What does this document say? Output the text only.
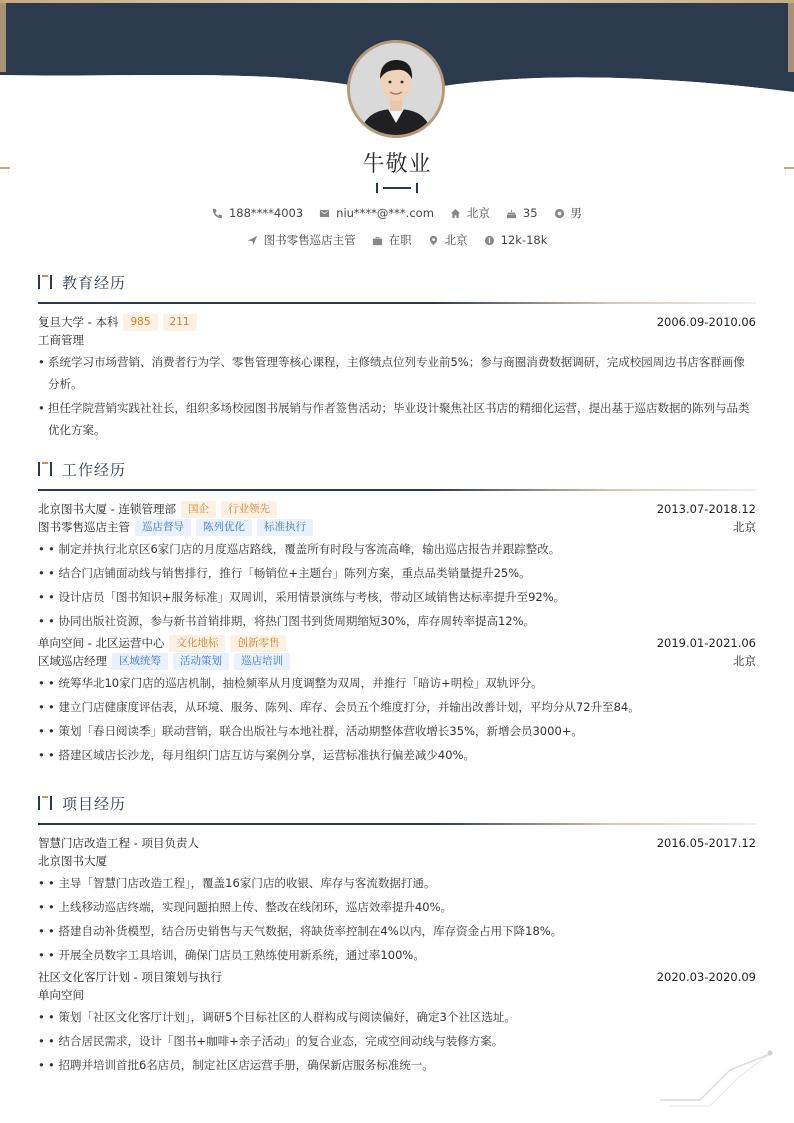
牛敬业
188****4003	niu****@***.com	北京	35	男
图书零售巡店主管	在职	北京	12k-18k
教育经历
复旦大学 - 本科	985	211	2006.09-2010.06
工商管理
• 系统学习市场营销、消费者行为学、零售管理等核心课程，主修绩点位列专业前5%；参与商圈消费数据调研，完成校园周边书店客群画像分析。
• 担任学院营销实践社社长，组织多场校园图书展销与作者签售活动；毕业设计聚焦社区书店的精细化运营，提出基于巡店数据的陈列与品类优化方案。
工作经历
北京图书大厦 - 连锁管理部	国企	行业领先	2013.07-2018.12
图书零售巡店主管	巡店督导	陈列优化	标准执行	北京
• • 制定并执行北京区6家门店的月度巡店路线，覆盖所有时段与客流高峰，输出巡店报告并跟踪整改。
• • 结合门店铺面动线与销售排行，推行「畅销位+主题台」陈列方案，重点品类销量提升25%。
• • 设计店员「图书知识+服务标准」双周训，采用情景演练与考核，带动区域销售达标率提升至92%。
• • 协同出版社资源，参与新书首销排期，将热门图书到货周期缩短30%，库存周转率提高12%。
单向空间 - 北区运营中心	文化地标	创新零售	2019.01-2021.06
区域巡店经理	区域统筹	活动策划	巡店培训	北京
• • 统筹华北10家门店的巡店机制，抽检频率从月度调整为双周，并推行「暗访+明检」双轨评分。
• • 建立门店健康度评估表，从环境、服务、陈列、库存、会员五个维度打分，并输出改善计划，平均分从72升至84。
• • 策划「春日阅读季」联动营销，联合出版社与本地社群，活动期整体营收增长35%，新增会员3000+。
• • 搭建区域店长沙龙，每月组织门店互访与案例分享，运营标准执行偏差减少40%。
项目经历
智慧门店改造工程 - 项目负责人	2016.05-2017.12
北京图书大厦
• • 主导「智慧门店改造工程」，覆盖16家门店的收银、库存与客流数据打通。
• • 上线移动巡店终端，实现问题拍照上传、整改在线闭环，巡店效率提升40%。
• • 搭建自动补货模型，结合历史销售与天气数据，将缺货率控制在4%以内，库存资金占用下降18%。
• • 开展全员数字工具培训，确保门店员工熟练使用新系统，通过率100%。
社区文化客厅计划 - 项目策划与执行	2020.03-2020.09
单向空间
• • 策划「社区文化客厅计划」，调研5个目标社区的人群构成与阅读偏好，确定3个社区选址。
• • 结合居民需求，设计「图书+咖啡+亲子活动」的复合业态，完成空间动线与装修方案。
• • 招聘并培训首批6名店员，制定社区店运营手册，确保新店服务标准统一。
